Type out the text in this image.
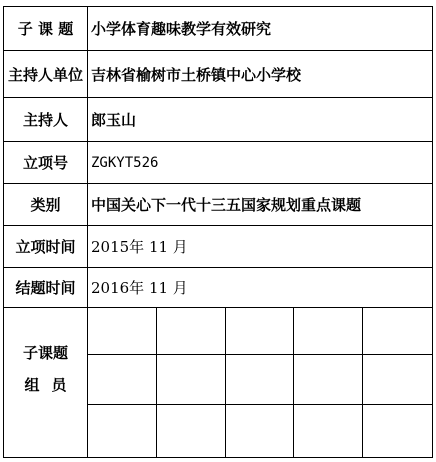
子 课 题	小学体育趣味教学有效研究
主持人单位 吉林省榆树市土桥镇中心小学校
主持人	郎玉山
立项号	ZGKYT526
类别	中国关心下一代十三五国家规划重点课题
立项时间	2015年 11 月
结题时间	2016年 11 月
子课题
组员
